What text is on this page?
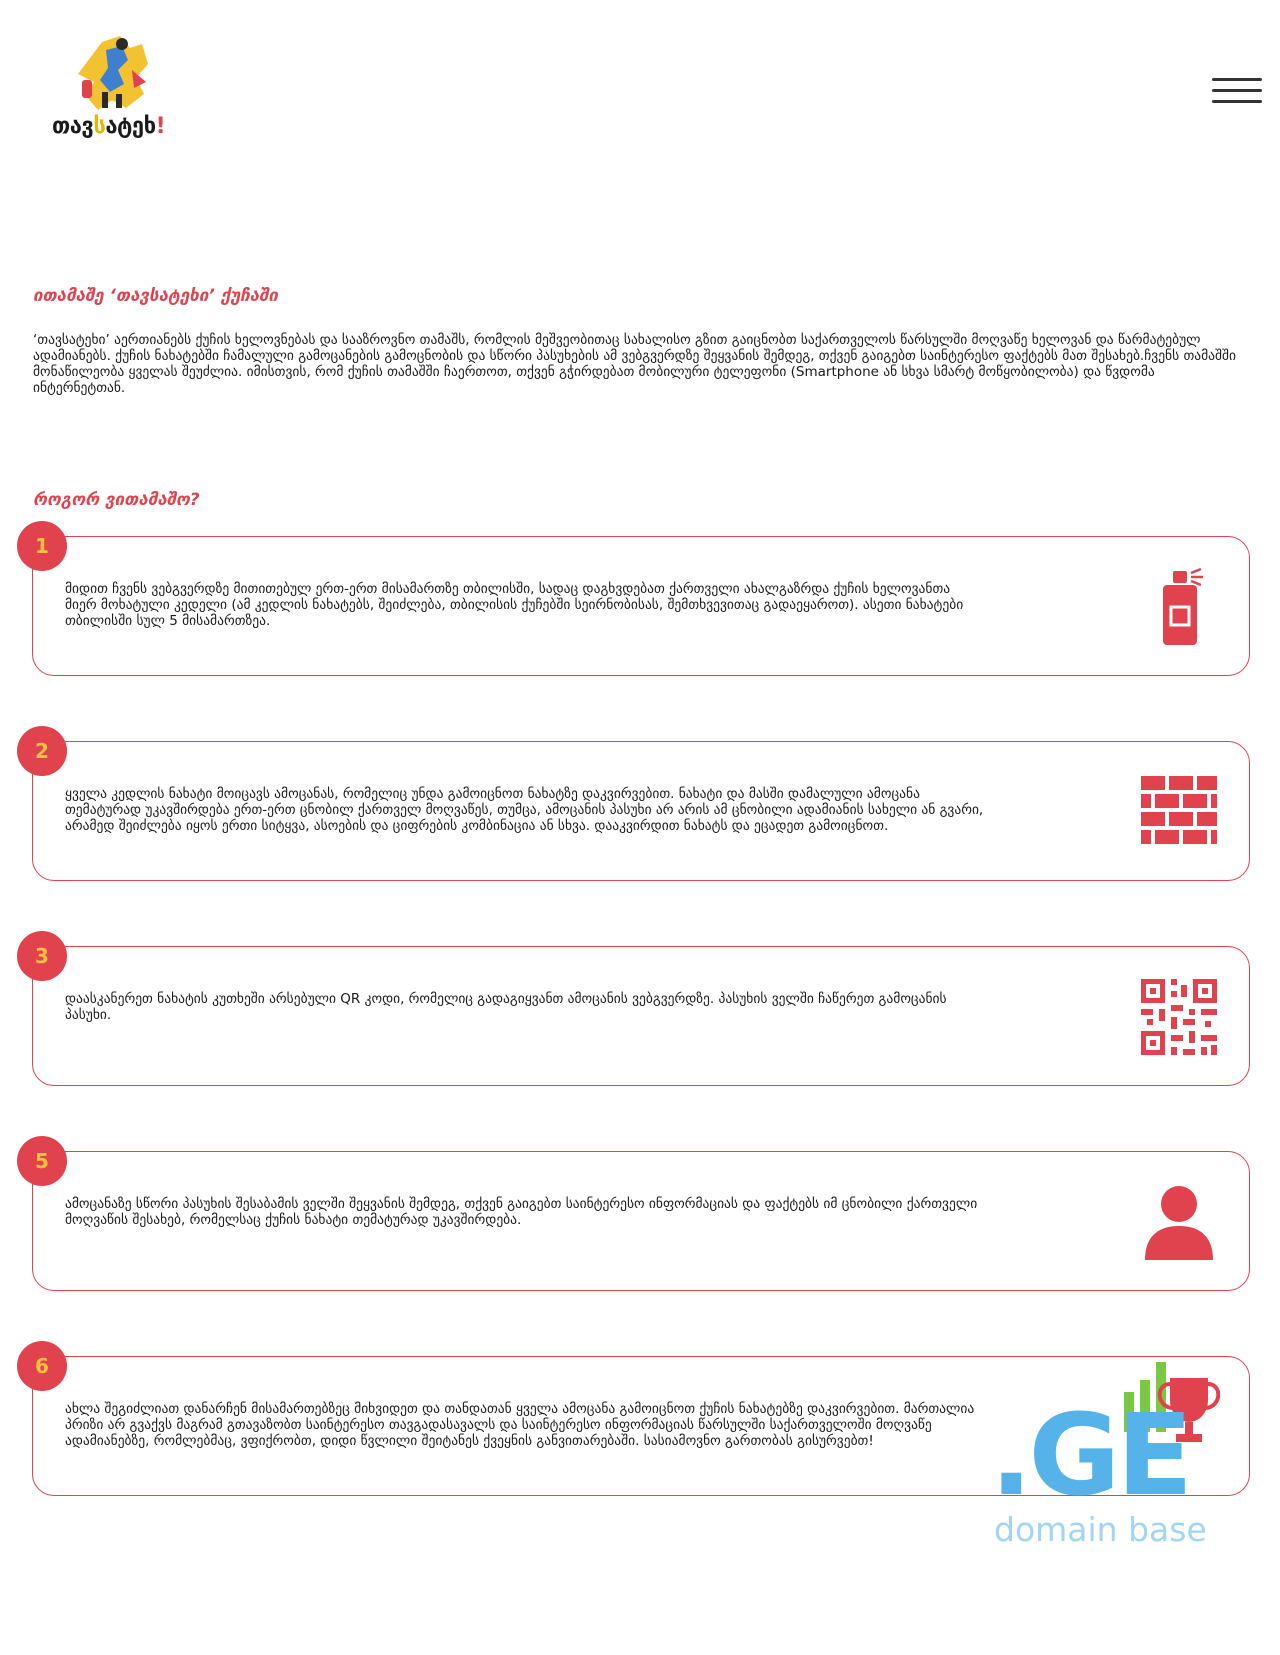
თავსატეხ!
ითამაშე ‘თავსატეხი’ ქუჩაში

‘თავსატეხი’ აერთიანებს ქუჩის ხელოვნებას და სააზროვნო თამაშს, რომლის მეშვეობითაც სახალისო გზით გაიცნობთ საქართველოს წარსულში მოღვაწე ხელოვან და წარმატებულ ადამიანებს. ქუჩის ნახატებში ჩამალული გამოცანების გამოცნობის და სწორი პასუხების ამ ვებგვერდზე შეყვანის შემდეგ, თქვენ გაიგებთ საინტერესო ფაქტებს მათ შესახებ.ჩვენს თამაშში მონაწილეობა ყველას შეუძლია. იმისთვის, რომ ქუჩის თამაშში ჩაერთოთ, თქვენ გჭირდებათ მობილური ტელეფონი (Smartphone ან სხვა სმარტ მოწყობილობა) და წვდომა ინტერნეტთან.

როგორ ვითამაშო?
1

მიდით ჩვენს ვებგვერდზე მითითებულ ერთ-ერთ მისამართზე თბილისში, სადაც დაგხვდებათ ქართველი ახალგაზრდა ქუჩის ხელოვანთა მიერ მოხატული კედელი (ამ კედლის ნახატებს, შეიძლება, თბილისის ქუჩებში სეირნობისას, შემთხვევითაც გადაეყაროთ). ასეთი ნახატები თბილისში სულ 5 მისამართზეა.

2

ყველა კედლის ნახატი მოიცავს ამოცანას, რომელიც უნდა გამოიცნოთ ნახატზე დაკვირვებით. ნახატი და მასში დამალული ამოცანა თემატურად უკავშირდება ერთ-ერთ ცნობილ ქართველ მოღვაწეს, თუმცა, ამოცანის პასუხი არ არის ამ ცნობილი ადამიანის სახელი ან გვარი, არამედ შეიძლება იყოს ერთი სიტყვა, ასოების და ციფრების კომბინაცია ან სხვა. დააკვირდით ნახატს და ეცადეთ გამოიცნოთ.

3

დაასკანერეთ ნახატის კუთხეში არსებული QR კოდი, რომელიც გადაგიყვანთ ამოცანის ვებგვერდზე. პასუხის ველში ჩაწერეთ გამოცანის პასუხი.

5

ამოცანაზე სწორი პასუხის შესაბამის ველში შეყვანის შემდეგ, თქვენ გაიგებთ საინტერესო ინფორმაციას და ფაქტებს იმ ცნობილი ქართველი მოღვაწის შესახებ, რომელსაც ქუჩის ნახატი თემატურად უკავშირდება.

6

ახლა შეგიძლიათ დანარჩენ მისამართებზეც მიხვიდეთ და თანდათან ყველა ამოცანა გამოიცნოთ ქუჩის ნახატებზე დაკვირვებით. მართალია პრიზი არ გვაქვს მაგრამ გთავაზობთ საინტერესო თავგადასავალს და საინტერესო ინფორმაციას წარსულში საქართველოში მოღვაწე ადამიანებზე, რომლებმაც, ვფიქრობთ, დიდი წვლილი შეიტანეს ქვეყნის განვითარებაში. სასიამოვნო გართობას გისურვებთ!	.GE
domain base
